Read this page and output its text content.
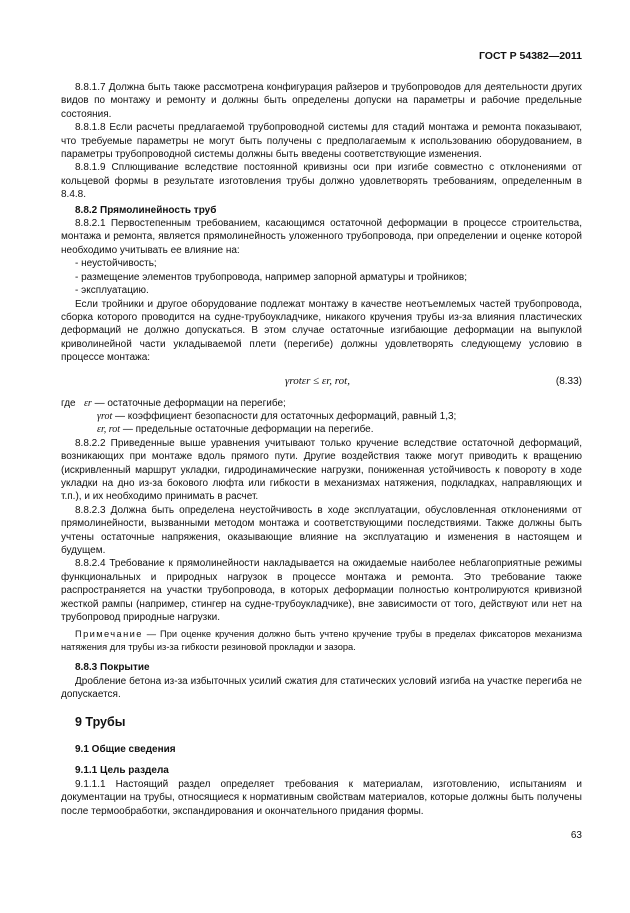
ГОСТ Р 54382—2011

8.8.1.7 Должна быть также рассмотрена конфигурация райзеров и трубопроводов для деятельности других видов по монтажу и ремонту и должны быть определены допуски на параметры и рабочие предельные состояния.

8.8.1.8 Если расчеты предлагаемой трубопроводной системы для стадий монтажа и ремонта показывают, что требуемые параметры не могут быть получены с предполагаемым к использованию оборудованием, в параметры трубопроводной системы должны быть введены соответствующие изменения.

8.8.1.9 Сплющивание вследствие постоянной кривизны оси при изгибе совместно с отклонениями от кольцевой формы в результате изготовления трубы должно удовлетворять требованиям, определенным в 8.4.8.

8.8.2 Прямолинейность труб

8.8.2.1 Первостепенным требованием, касающимся остаточной деформации в процессе строительства, монтажа и ремонта, является прямолинейность уложенного трубопровода, при определении и оценке которой необходимо учитывать ее влияние на:

- неустойчивость;

- размещение элементов трубопровода, например запорной арматуры и тройников;

- эксплуатацию.

Если тройники и другое оборудование подлежат монтажу в качестве неотъемлемых частей трубопровода, сборка которого проводится на судне-трубоукладчике, никакого кручения трубы из-за влияния пластических деформаций не должно допускаться. В этом случае остаточные изгибающие деформации на выпуклой криволинейной части укладываемой плети (перегибе) должны удовлетворять следующему условию в процессе монтажа:

γrotεr ≤ εr, rot,	(8.33)
где εr — остаточные деформации на перегибе;
γrot — коэффициент безопасности для остаточных деформаций, равный 1,3;
εr, rot — предельные остаточные деформации на перегибе.

8.8.2.2 Приведенные выше уравнения учитывают только кручение вследствие остаточной деформаций, возникающих при монтаже вдоль прямого пути. Другие воздействия также могут приводить к вращению (искривленный маршрут укладки, гидродинамические нагрузки, пониженная устойчивость к повороту в ходе укладки на дно из-за бокового люфта или гибкости в механизмах натяжения, подкладках, направляющих и т.п.), и их необходимо принимать в расчет.

8.8.2.3 Должна быть определена неустойчивость в ходе эксплуатации, обусловленная отклонениями от прямолинейности, вызванными методом монтажа и соответствующими последствиями. Также должны быть учтены остаточные напряжения, оказывающие влияние на эксплуатацию и изменения в настоящем и будущем.

8.8.2.4 Требование к прямолинейности накладывается на ожидаемые наиболее неблагоприятные режимы функциональных и природных нагрузок в процессе монтажа и ремонта. Это требование также распространяется на участки трубопровода, в которых деформации полностью контролируются кривизной жесткой рампы (например, стингер на судне-трубоукладчике), вне зависимости от того, действуют или нет на трубопровод природные нагрузки.

Примечание — При оценке кручения должно быть учтено кручение трубы в пределах фиксаторов механизма натяжения для трубы из-за гибкости резиновой прокладки и зазора.

8.8.3 Покрытие

Дробление бетона из-за избыточных усилий сжатия для статических условий изгиба на участке перегиба не допускается.

9 Трубы

9.1 Общие сведения

9.1.1 Цель раздела

9.1.1.1 Настоящий раздел определяет требования к материалам, изготовлению, испытаниям и документации на трубы, относящиеся к нормативным свойствам материалов, которые должны быть получены после термообработки, экспандирования и окончательного придания формы.

63
